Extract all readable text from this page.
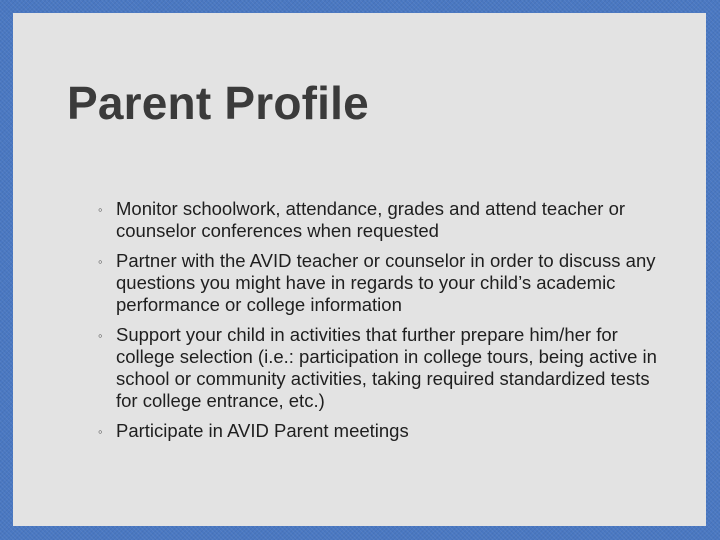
Parent Profile
◦ Monitor schoolwork, attendance, grades and attend teacher or counselor conferences when requested
◦ Partner with the AVID teacher or counselor in order to discuss any questions you might have in regards to your child’s academic performance or college information
◦ Support your child in activities that further prepare him/her for college selection (i.e.: participation in college tours, being active in school or community activities, taking required standardized tests for college entrance, etc.)
◦ Participate in AVID Parent meetings
